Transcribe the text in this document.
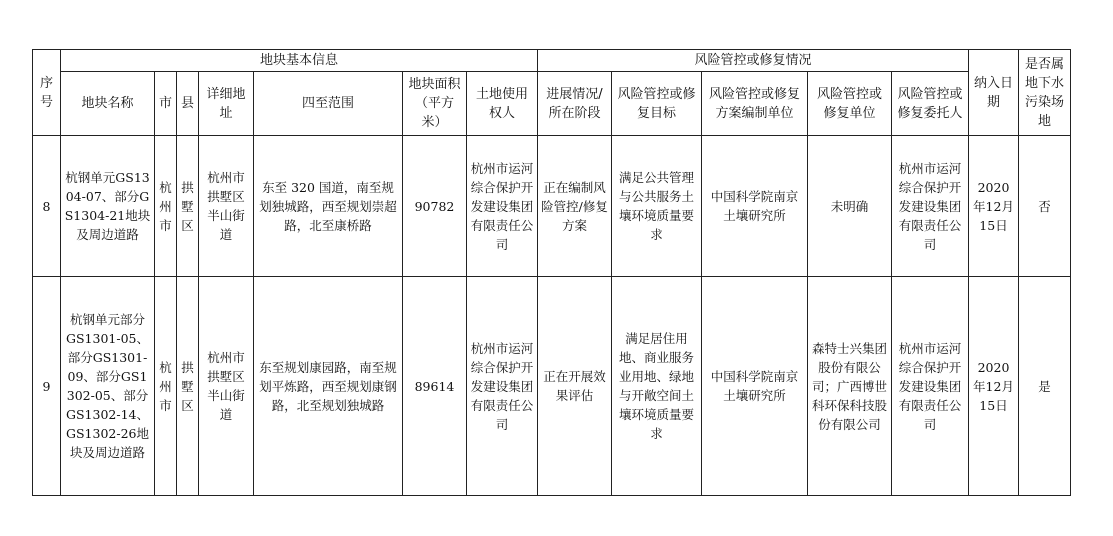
序号	地块基本信息							风险管控或修复情况					纳入日期	是否属地下水污染场地
	地块名称	市	县	详细地址	四至范围	地块面积（平方米）	土地使用权人	进展情况/所在阶段	风险管控或修复目标	风险管控或修复方案编制单位	风险管控或修复单位	风险管控或修复委托人		
8	杭钢单元GS1304-07、部分GS1304-21地块及周边道路	杭州市	拱墅区	杭州市拱墅区半山街道	东至 320 国道，南至规划独城路，西至规划崇超路，北至康桥路	90782	杭州市运河综合保护开发建设集团有限责任公司	正在编制风险管控/修复方案	满足公共管理与公共服务土壤环境质量要求	中国科学院南京土壤研究所	未明确	杭州市运河综合保护开发建设集团有限责任公司	2020年12月15日	否
9	杭钢单元部分 GS1301-05、部分GS1301-09、部分GS1302-05、部分GS1302-14、GS1302-26地块及周边道路	杭州市	拱墅区	杭州市拱墅区半山街道	东至规划康园路，南至规划平炼路，西至规划康钢路，北至规划独城路	89614	杭州市运河综合保护开发建设集团有限责任公司	正在开展效果评估	满足居住用地、商业服务业用地、绿地与开敞空间土壤环境质量要求	中国科学院南京土壤研究所	森特士兴集团股份有限公司；广西博世科环保科技股份有限公司	杭州市运河综合保护开发建设集团有限责任公司	2020年12月15日	是
